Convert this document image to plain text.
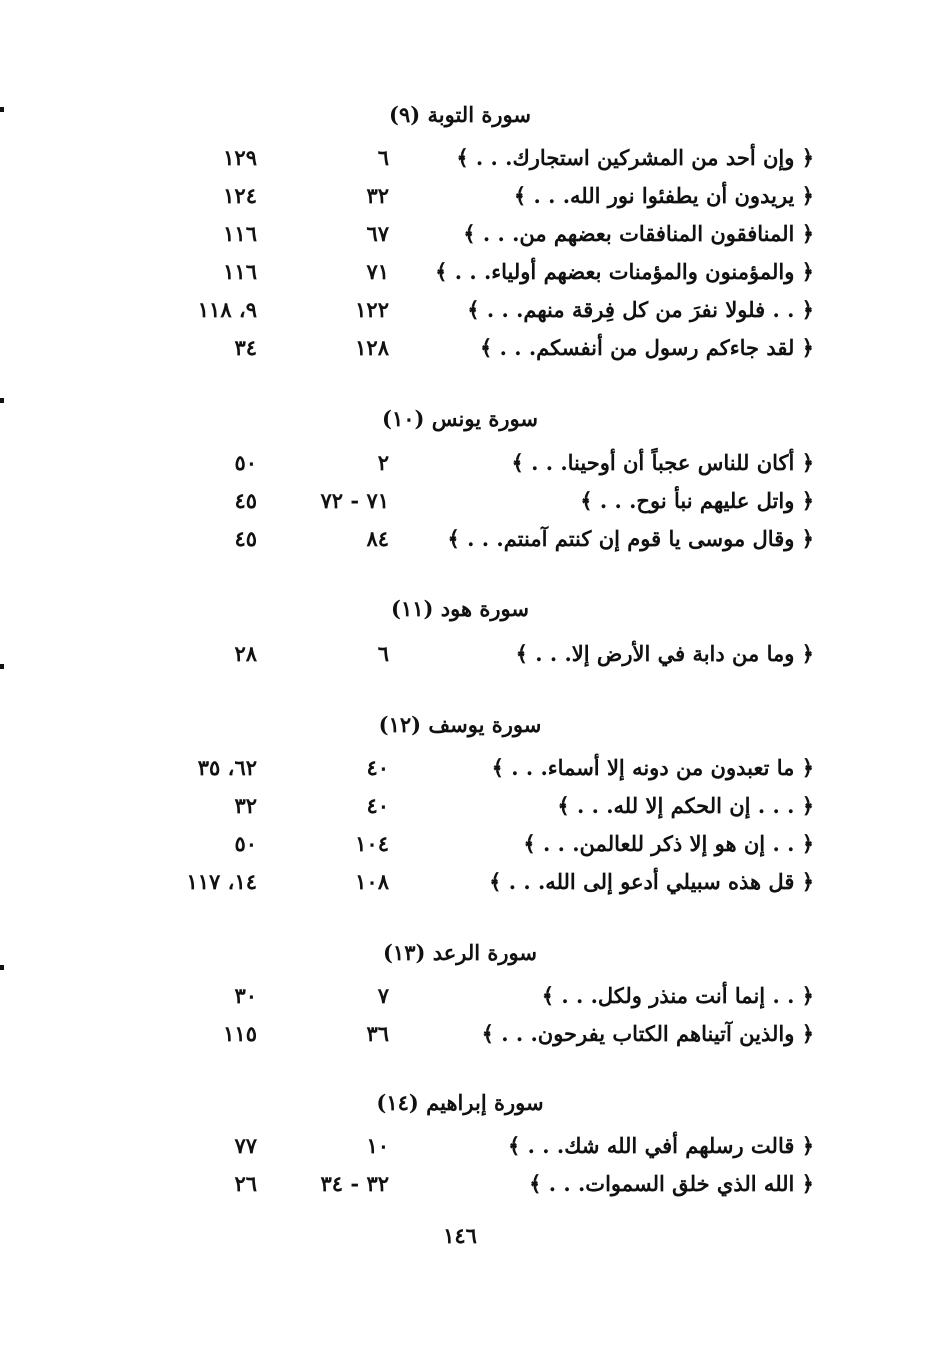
سورة التوبة (٩)
﴿ وإن أحد من المشركين استجارك. . . ﴾
٦
١٢٩
﴿ يريدون أن يطفئوا نور الله. . . ﴾
٣٢
١٢٤
﴿ المنافقون المنافقات بعضهم من. . . ﴾
٦٧
١١٦
﴿ والمؤمنون والمؤمنات بعضهم أولياء. . . ﴾
٧١
١١٦
﴿ . . فلولا نفرَ من كل فِرقة منهم. . . ﴾
١٢٢
٩، ١١٨
﴿ لقد جاءكم رسول من أنفسكم. . . ﴾
١٢٨
٣٤
سورة يونس (١٠)
﴿ أكان للناس عجباً أن أوحينا. . . ﴾
٢
٥٠
﴿ واتل عليهم نبأ نوح. . . ﴾
٧١ - ٧٢
٤٥
﴿ وقال موسى يا قوم إن كنتم آمنتم. . . ﴾
٨٤
٤٥
سورة هود (١١)
﴿ وما من دابة في الأرض إلا. . . ﴾
٦
٢٨
سورة يوسف (١٢)
﴿ ما تعبدون من دونه إلا أسماء. . . ﴾
٤٠
٦٢، ٣٥
﴿ . . . إن الحكم إلا لله. . . ﴾
٤٠
٣٢
﴿ . . إن هو إلا ذكر للعالمن. . . ﴾
١٠٤
٥٠
﴿ قل هذه سبيلي أدعو إلى الله. . . ﴾
١٠٨
١٤، ١١٧
سورة الرعد (١٣)
﴿ . . إنما أنت منذر ولكل. . . ﴾
٧
٣٠
﴿ والذين آتيناهم الكتاب يفرحون. . . ﴾
٣٦
١١٥
سورة إبراهيم (١٤)
﴿ قالت رسلهم أفي الله شك. . . ﴾
١٠
٧٧
﴿ الله الذي خلق السموات. . . ﴾
٣٢ - ٣٤
٢٦
١٤٦
